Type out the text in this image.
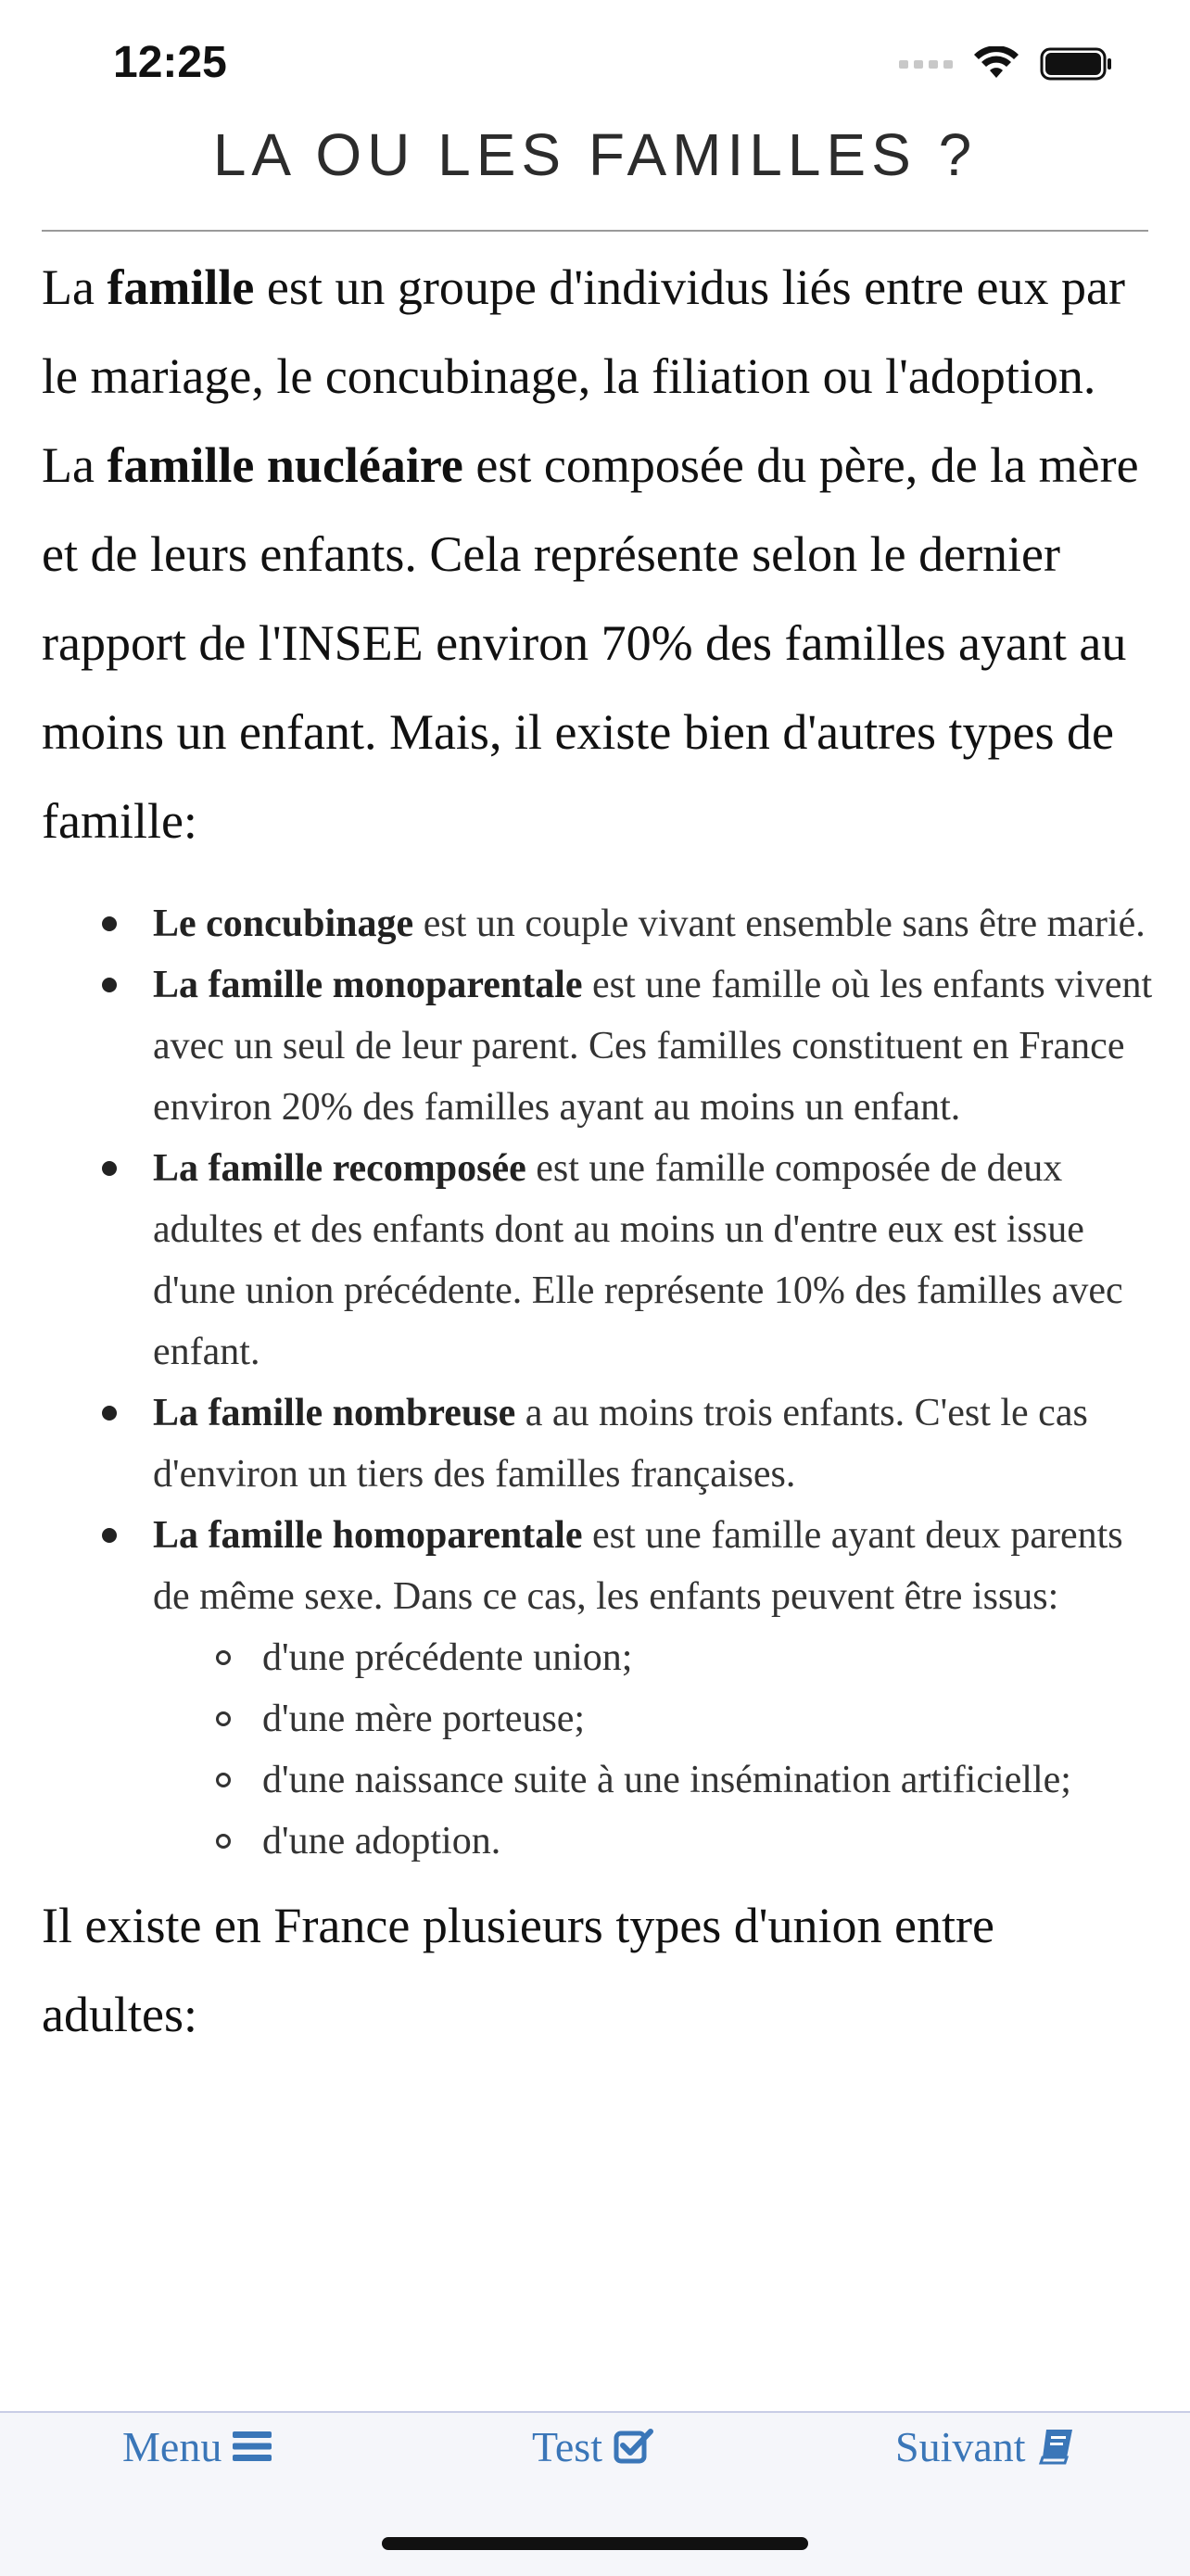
12:25
LA OU LES FAMILLES ?

La famille est un groupe d'individus liés entre eux par le mariage, le concubinage, la filiation ou l'adoption. La famille nucléaire est composée du père, de la mère et de leurs enfants. Cela représente selon le dernier rapport de l'INSEE environ 70% des familles ayant au moins un enfant. Mais, il existe bien d'autres types de famille:

Le concubinage est un couple vivant ensemble sans être marié.
La famille monoparentale est une famille où les enfants vivent avec un seul de leur parent. Ces familles constituent en France environ 20% des familles ayant au moins un enfant.
La famille recomposée est une famille composée de deux adultes et des enfants dont au moins un d'entre eux est issue d'une union précédente. Elle représente 10% des familles avec enfant.
La famille nombreuse a au moins trois enfants. C'est le cas d'environ un tiers des familles françaises.
La famille homoparentale est une famille ayant deux parents de même sexe. Dans ce cas, les enfants peuvent être issus:
d'une précédente union;
d'une mère porteuse;
d'une naissance suite à une insémination artificielle;
d'une adoption.

Il existe en France plusieurs types d'union entre adultes:

Menu	Test	Suivant
